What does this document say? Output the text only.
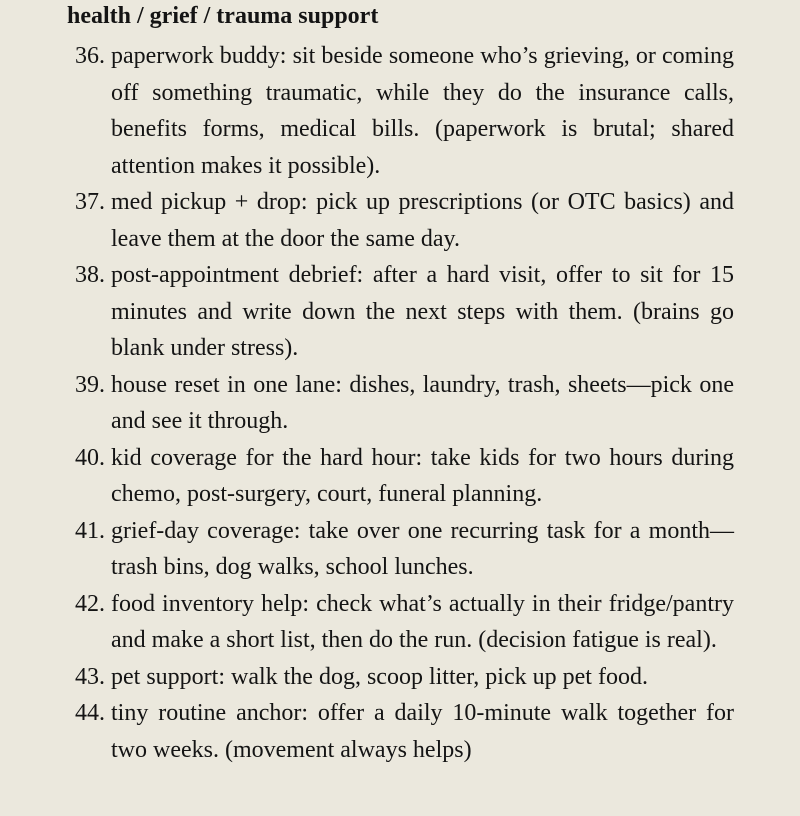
health / grief / trauma support
36. paperwork buddy: sit beside someone who’s grieving, or coming off something traumatic, while they do the insurance calls, benefits forms, medical bills. (paperwork is brutal; shared attention makes it possible).
37. med pickup + drop: pick up prescriptions (or OTC basics) and leave them at the door the same day.
38. post-appointment debrief: after a hard visit, offer to sit for 15 minutes and write down the next steps with them. (brains go blank under stress).
39. house reset in one lane: dishes, laundry, trash, sheets—pick one and see it through.
40. kid coverage for the hard hour: take kids for two hours during chemo, post-surgery, court, funeral planning.
41. grief-day coverage: take over one recurring task for a month—trash bins, dog walks, school lunches.
42. food inventory help: check what’s actually in their fridge/pantry and make a short list, then do the run. (decision fatigue is real).
43. pet support: walk the dog, scoop litter, pick up pet food.
44. tiny routine anchor: offer a daily 10-minute walk together for two weeks. (movement always helps)
